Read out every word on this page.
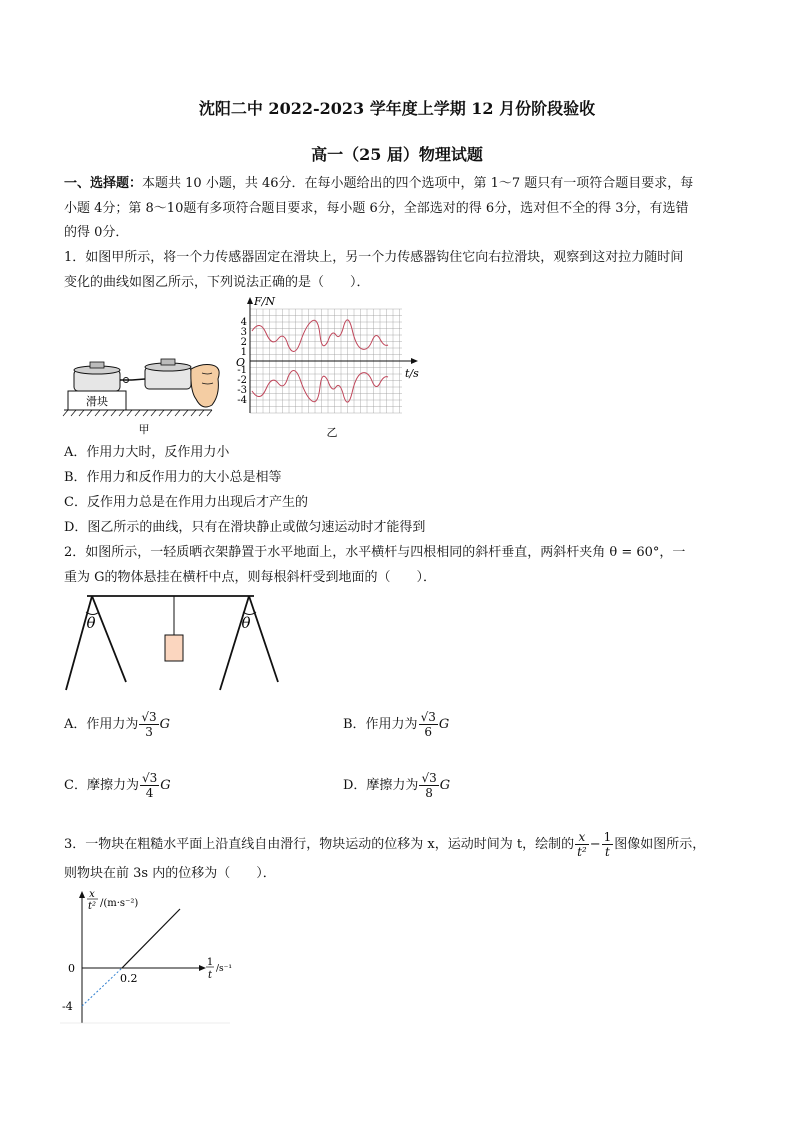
沈阳二中 2022-2023 学年度上学期 12 月份阶段验收
高一（25 届）物理试题
一、选择题：本题共 10 小题，共 46分．在每小题给出的四个选项中，第 1～7 题只有一项符合题目要求，每
小题 4分；第 8～10题有多项符合题目要求，每小题 6分，全部选对的得 6分，选对但不全的得 3分，有选错
的得 0分．
1．如图甲所示，将一个力传感器固定在滑块上，另一个力传感器钩住它向右拉滑块，观察到这对拉力随时间
变化的曲线如图乙所示，下列说法正确的是（　　）．
滑块
甲
F/N
t/s
O
4
3
2
1
-1
-2
-3
-4
乙
A．作用力大时，反作用力小
B．作用力和反作用力的大小总是相等
C．反作用力总是在作用力出现后才产生的
D．图乙所示的曲线，只有在滑块静止或做匀速运动时才能得到
2．如图所示，一轻质晒衣架静置于水平地面上，水平横杆与四根相同的斜杆垂直，两斜杆夹角 θ = 60°，一
重为 G的物体悬挂在横杆中点，则每根斜杆受到地面的（　　）．
θ	θ
A．作用力为 $\frac{√3}{3}$ G	B．作用力为 $\frac{√3}{6}$ G
C．摩擦力为 $\frac{√3}{4}$ G	D．摩擦力为 $\frac{√3}{8}$ G
3．一物块在粗糙水平面上沿直线自由滑行，物块运动的位移为 x，运动时间为 t，绘制的 $\frac{x}{\text{t²}} - \frac{1}{t}$ 图像如图所示，
则物块在前 3s 内的位移为（　　）．
x
t² /(m·s⁻²)
1
t
/s⁻¹
0
0.2
-4
